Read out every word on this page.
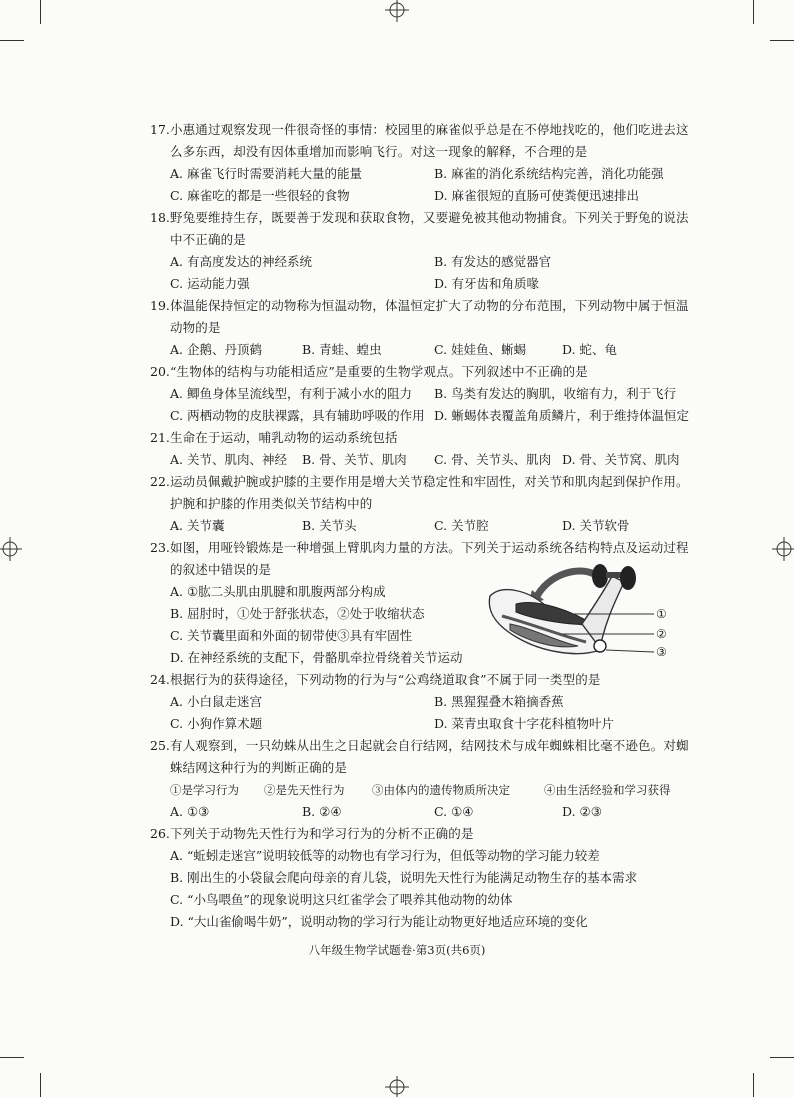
17. 小惠通过观察发现一件很奇怪的事情：校园里的麻雀似乎总是在不停地找吃的，他们吃进去这
么多东西，却没有因体重增加而影响飞行。对这一现象的解释，不合理的是
A. 麻雀飞行时需要消耗大量的能量	B. 麻雀的消化系统结构完善，消化功能强
C. 麻雀吃的都是一些很轻的食物	D. 麻雀很短的直肠可使粪便迅速排出
18. 野兔要维持生存，既要善于发现和获取食物，又要避免被其他动物捕食。下列关于野兔的说法
中不正确的是
A. 有高度发达的神经系统	B. 有发达的感觉器官
C. 运动能力强	D. 有牙齿和角质喙
19. 体温能保持恒定的动物称为恒温动物，体温恒定扩大了动物的分布范围，下列动物中属于恒温
动物的是
A. 企鹅、丹顶鹤	B. 青蛙、蝗虫	C. 娃娃鱼、蜥蜴	D. 蛇、龟
20. “生物体的结构与功能相适应”是重要的生物学观点。下列叙述中不正确的是
A. 鲫鱼身体呈流线型，有利于减小水的阻力 B. 鸟类有发达的胸肌，收缩有力，利于飞行
C. 两栖动物的皮肤裸露，具有辅助呼吸的作用 D. 蜥蜴体表覆盖角质鳞片，利于维持体温恒定
21. 生命在于运动，哺乳动物的运动系统包括
A. 关节、肌肉、神经 B. 骨、关节、肌肉 C. 骨、关节头、肌肉 D. 骨、关节窝、肌肉
22. 运动员佩戴护腕或护膝的主要作用是增大关节稳定性和牢固性，对关节和肌肉起到保护作用。
护腕和护膝的作用类似关节结构中的
A. 关节囊	B. 关节头	C. 关节腔	D. 关节软骨
23. 如图，用哑铃锻炼是一种增强上臂肌肉力量的方法。下列关于运动系统各结构特点及运动过程
的叙述中错误的是
A. ①肱二头肌由肌腱和肌腹两部分构成
B. 屈肘时，①处于舒张状态，②处于收缩状态
C. 关节囊里面和外面的韧带使③具有牢固性
D. 在神经系统的支配下，骨骼肌牵拉骨绕着关节运动
①
②
③
24. 根据行为的获得途径，下列动物的行为与“公鸡绕道取食”不属于同一类型的是
A. 小白鼠走迷宫	B. 黑猩猩叠木箱摘香蕉
C. 小狗作算术题	D. 菜青虫取食十字花科植物叶片
25. 有人观察到，一只幼蛛从出生之日起就会自行结网，结网技术与成年蜘蛛相比毫不逊色。对蜘
蛛结网这种行为的判断正确的是
①是学习行为 ②是先天性行为 ③由体内的遗传物质所决定	④由生活经验和学习获得
A. ①③	B. ②④	C. ①④	D. ②③
26. 下列关于动物先天性行为和学习行为的分析不正确的是
A. “蚯蚓走迷宫”说明较低等的动物也有学习行为，但低等动物的学习能力较差
B. 刚出生的小袋鼠会爬向母亲的育儿袋，说明先天性行为能满足动物生存的基本需求
C. “小鸟喂鱼”的现象说明这只红雀学会了喂养其他动物的幼体
D. “大山雀偷喝牛奶”，说明动物的学习行为能让动物更好地适应环境的变化
八年级生物学试题卷·第3页(共6页)
